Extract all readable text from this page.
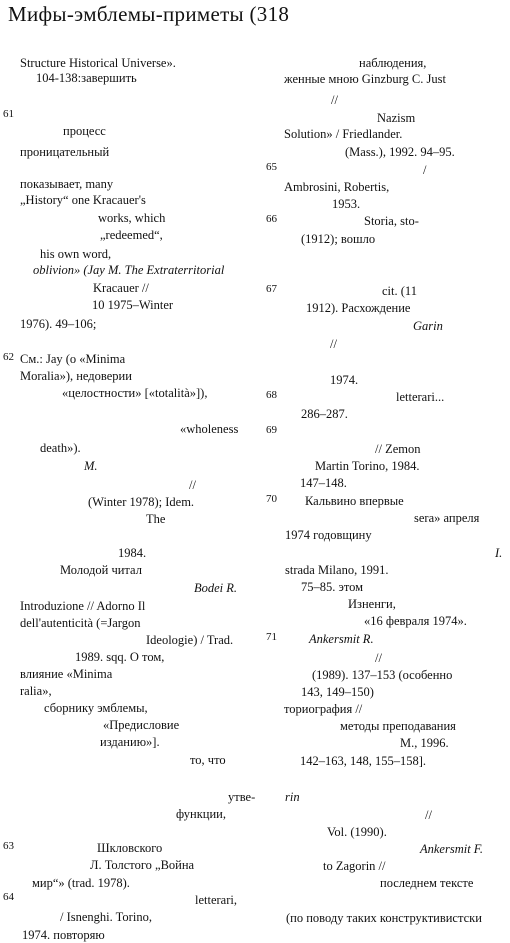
Мифы-эмблемы-приметы (318
Structure Historical Universe».
104-138:завершить
процесс
проницательный
показывает, many
„History“ one Kracauer's
works, which
„redeemed“,
his own word,
oblivion» (Jay M. The Extraterritorial
Kracauer //
10 1975–Winter
1976). 49–106;
См.: Jay (о «Minima
Moralia»), недоверии
«целостности» [«totalità»]),
«wholeness
death»).
M.
//
(Winter 1978); Idem.
The
1984.
Молодой читал
Bodei R.
Introduzione // Adorno Il
dell'autenticità (=Jargon
Ideologie) / Trad.
1989. sqq. О том,
влияние «Minima
ralia»,
сборнику эмблемы,
«Предисловие
изданию»].
то, что
утве-
функции,
Шкловского
Л. Толстого „Война
мир“» (trad. 1978).
letterari,
/ Isnenghi. Torino,
1974. повторяю
наблюдения,
женные мною Ginzburg C. Just
//
Nazism
Solution» / Friedlander.
(Mass.), 1992. 94–95.
/
Ambrosini, Robertis,
1953.
Storia, sto-
(1912); вошло
cit. (11
1912). Расхождение
Garin
//
1974.
letterari...
286–287.
// Zemon
Martin Torino, 1984.
147–148.
Кальвино впервые
sera» апреля
1974 годовщину
I.
strada Milano, 1991.
75–85. этом
Изненги,
«16 февраля 1974».
Ankersmit R.
//
(1989). 137–153 (особенно
143, 149–150)
ториография //
методы преподавания
М., 1996.
142–163, 148, 155–158].
rin
//
Vol. (1990).
Ankersmit F.
to Zagorin //
последнем тексте
(по поводу таких конструктивистски
61
62
63
64
65
66
67
68
69
70
71
